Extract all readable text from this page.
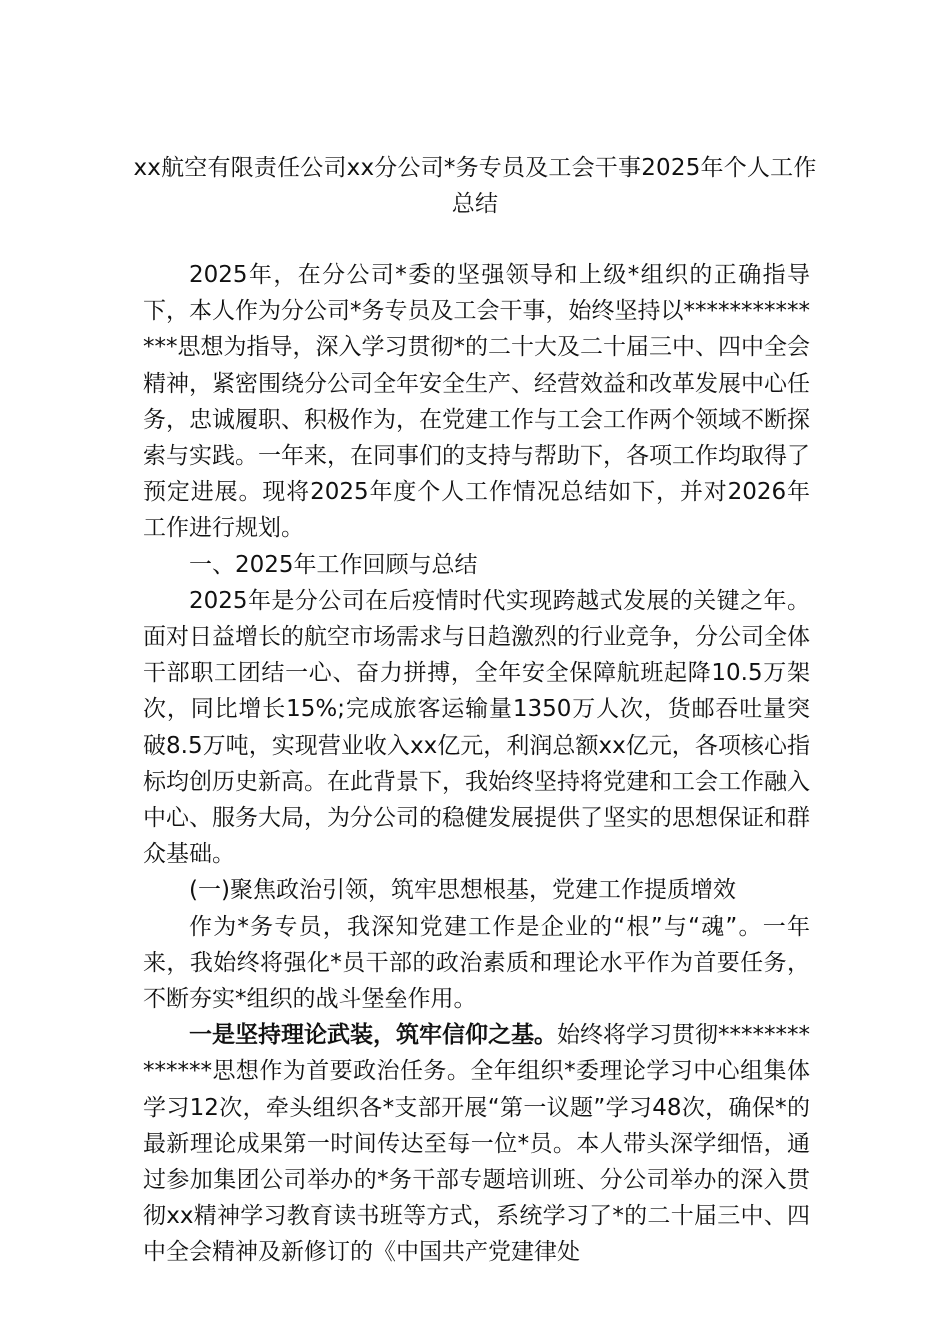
xx航空有限责任公司xx分公司*务专员及工会干事2025年个人工作总结

2025年，在分公司*委的坚强领导和上级*组织的正确指导下，本人作为分公司*务专员及工会干事，始终坚持以**************思想为指导，深入学习贯彻*的二十大及二十届三中、四中全会精神，紧密围绕分公司全年安全生产、经营效益和改革发展中心任务，忠诚履职、积极作为，在党建工作与工会工作两个领域不断探索与实践。一年来，在同事们的支持与帮助下，各项工作均取得了预定进展。现将2025年度个人工作情况总结如下，并对2026年工作进行规划。

一、2025年工作回顾与总结

2025年是分公司在后疫情时代实现跨越式发展的关键之年。面对日益增长的航空市场需求与日趋激烈的行业竞争，分公司全体干部职工团结一心、奋力拼搏，全年安全保障航班起降10.5万架次，同比增长15%;完成旅客运输量1350万人次，货邮吞吐量突破8.5万吨，实现营业收入xx亿元，利润总额xx亿元，各项核心指标均创历史新高。在此背景下，我始终坚持将党建和工会工作融入中心、服务大局，为分公司的稳健发展提供了坚实的思想保证和群众基础。

(一)聚焦政治引领，筑牢思想根基，党建工作提质增效

作为*务专员，我深知党建工作是企业的“根”与“魂”。一年来，我始终将强化*员干部的政治素质和理论水平作为首要任务，不断夯实*组织的战斗堡垒作用。

一是坚持理论武装，筑牢信仰之基。始终将学习贯彻**************思想作为首要政治任务。全年组织*委理论学习中心组集体学习12次，牵头组织各*支部开展“第一议题”学习48次，确保*的最新理论成果第一时间传达至每一位*员。本人带头深学细悟，通过参加集团公司举办的*务干部专题培训班、分公司举办的深入贯彻xx精神学习教育读书班等方式，系统学习了*的二十届三中、四中全会精神及新修订的《中国共产党建律处
